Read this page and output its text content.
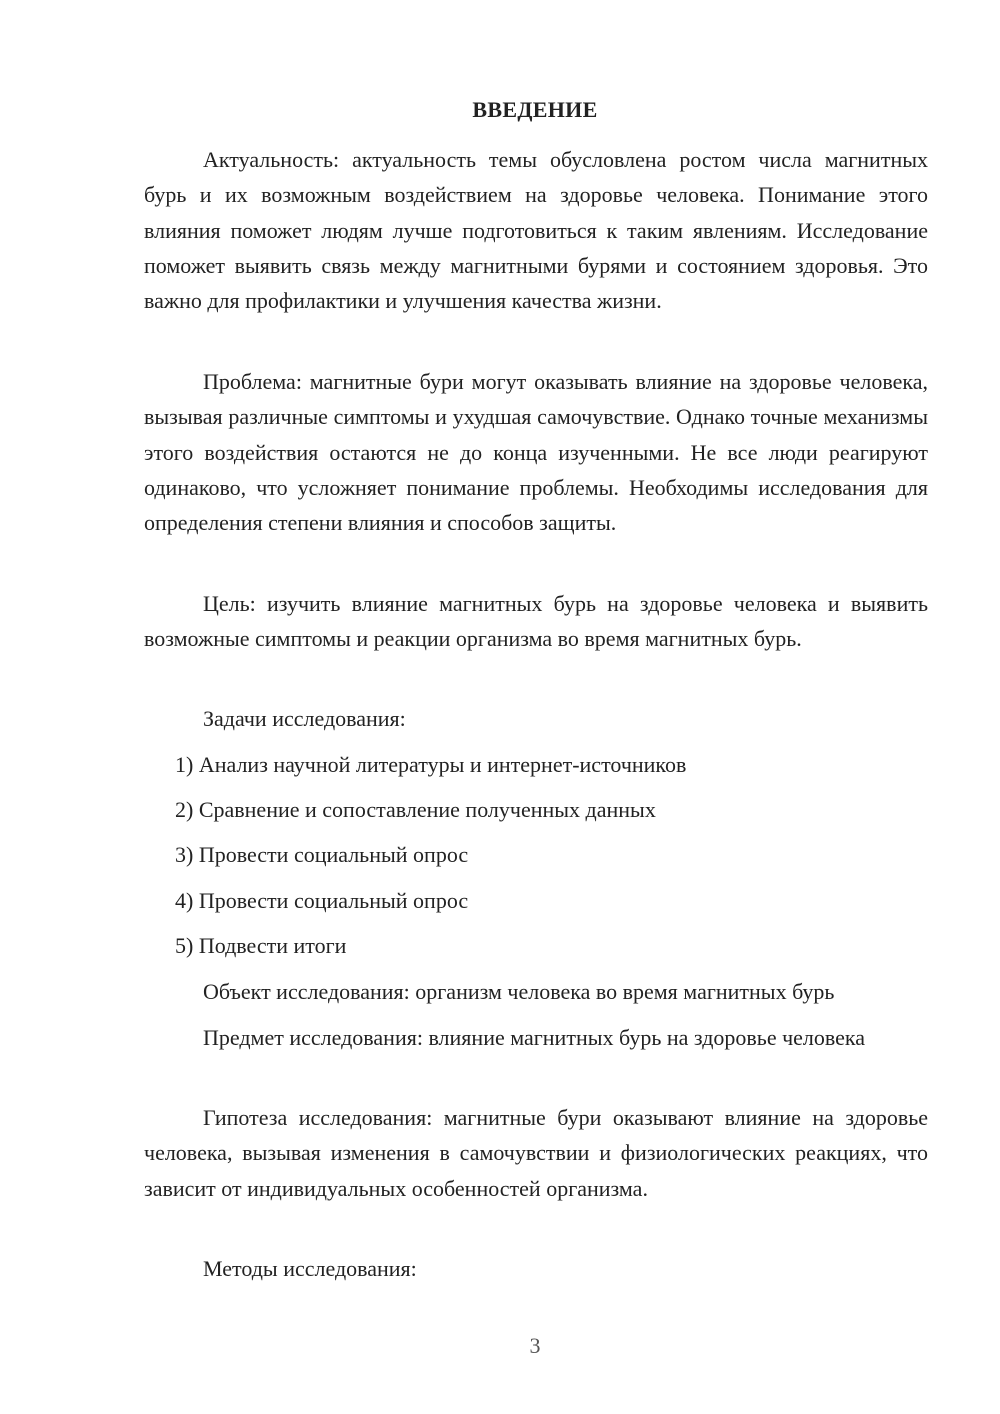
ВВЕДЕНИЕ

Актуальность: актуальность темы обусловлена ростом числа магнитных бурь и их возможным воздействием на здоровье человека. Понимание этого влияния поможет людям лучше подготовиться к таким явлениям. Исследование поможет выявить связь между магнитными бурями и состоянием здоровья. Это важно для профилактики и улучшения качества жизни.

Проблема: магнитные бури могут оказывать влияние на здоровье человека, вызывая различные симптомы и ухудшая самочувствие. Однако точные механизмы этого воздействия остаются не до конца изученными. Не все люди реагируют одинаково, что усложняет понимание проблемы. Необходимы исследования для определения степени влияния и способов защиты.

Цель: изучить влияние магнитных бурь на здоровье человека и выявить возможные симптомы и реакции организма во время магнитных бурь.

Задачи исследования:

1) Анализ научной литературы и интернет-источников

2) Сравнение и сопоставление полученных данных

3) Провести социальный опрос

4) Провести социальный опрос

5) Подвести итоги

Объект исследования: организм человека во время магнитных бурь

Предмет исследования: влияние магнитных бурь на здоровье человека

Гипотеза исследования: магнитные бури оказывают влияние на здоровье человека, вызывая изменения в самочувствии и физиологических реакциях, что зависит от индивидуальных особенностей организма.

Методы исследования:

3
